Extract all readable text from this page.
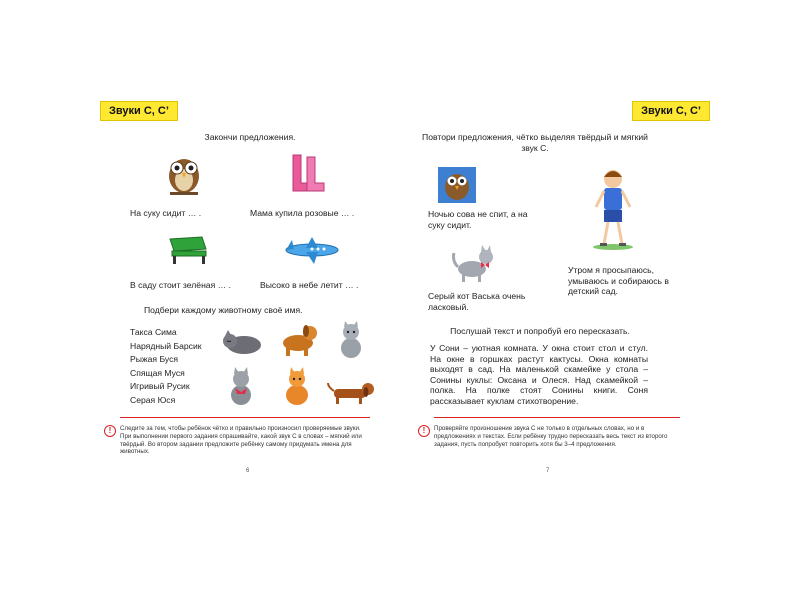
Звуки С, С’
Закончи предложения.
На суку сидит … .	Мама купила розовые … .
В саду стоит зелёная … .	Высоко в небе летит … .
Подбери каждому животному своё имя.
Такса Сима
Нарядный Барсик
Рыжая Буся
Спящая Муся
Игривый Русик
Серая Юся
!	Следите за тем, чтобы ребёнок чётко и правильно произносил проверяемые звуки. При выполнении первого задания спрашивайте, какой звук С в словах – мягкий или твёрдый. Во втором задании предложите ребёнку самому придумать имена для животных.
6
Звуки С, С’
Повтори предложения, чётко выделяя твёрдый и мягкий звук С.
Ночью сова не спит, а на суку сидит.
Серый кот Васька очень ласковый.
Утром я просыпаюсь, умываюсь и собираюсь в детский сад.
Послушай текст и попробуй его пересказать.
У Сони – уютная комната. У окна стоит стол и стул. На окне в горшках растут кактусы. Окна комнаты выходят в сад. На маленькой скамейке у стола – Сонины куклы: Оксана и Олеся. Над скамейкой – полка. На полке стоят Сонины книги. Соня рассказывает куклам стихотворение.
!	Проверяйте произношение звука С не только в отдельных словах, но и в предложениях и текстах. Если ребёнку трудно пересказать весь текст из второго задания, пусть попробует повторить хотя бы 3–4 предложения.
7
